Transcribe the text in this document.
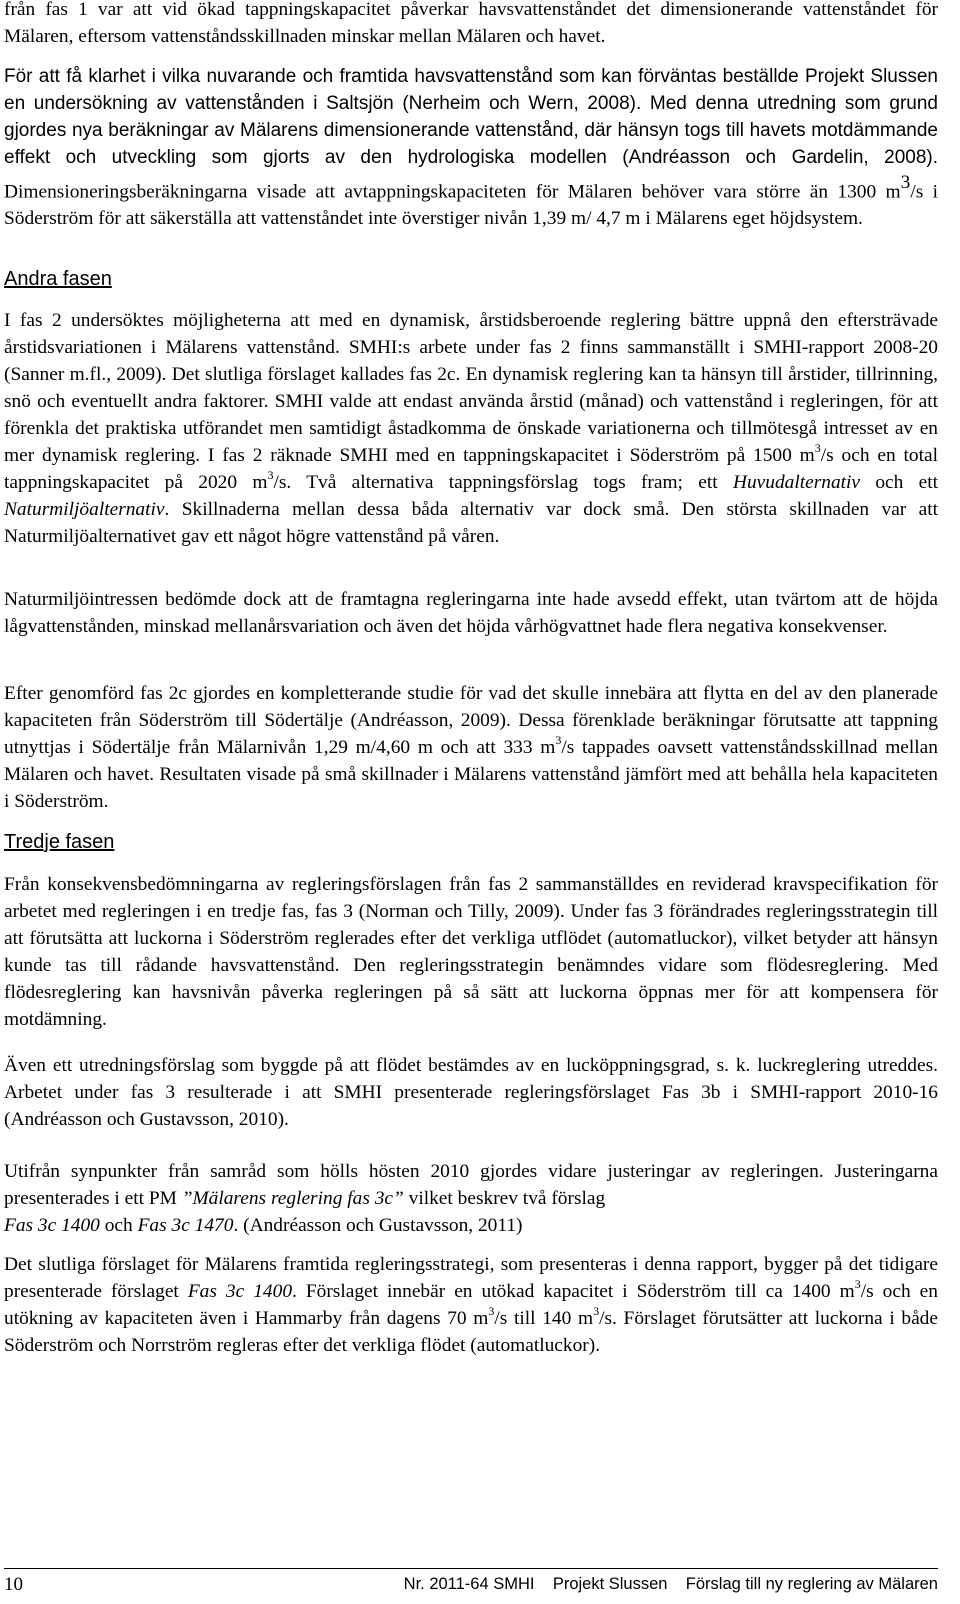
från fas 1 var att vid ökad tappningskapacitet påverkar havsvattenståndet det dimensionerande vattenståndet för Mälaren, eftersom vattenståndsskillnaden minskar mellan Mälaren och havet.

För att få klarhet i vilka nuvarande och framtida havsvattenstånd som kan förväntas beställde Projekt Slussen en undersökning av vattenstånden i Saltsjön (Nerheim och Wern, 2008). Med denna utredning som grund gjordes nya beräkningar av Mälarens dimensionerande vattenstånd, där hänsyn togs till havets motdämmande effekt och utveckling som gjorts av den hydrologiska modellen (Andréasson och Gardelin, 2008). Dimensioneringsberäkningarna visade att avtappningskapaciteten för Mälaren behöver vara större än 1300 $m^3/s$ i Söderström för att säkerställa att vattenståndet inte överstiger nivån 1,39 m/ 4,7 m i Mälarens eget höjdsystem.

Andra fasen

I fas 2 undersöktes möjligheterna att med en dynamisk, årstidsberoende reglering bättre uppnå den eftersträvade årstidsvariationen i Mälarens vattenstånd. SMHI:s arbete under fas 2 finns sammanställt i SMHI-rapport 2008-20 (Sanner m.fl., 2009). Det slutliga förslaget kallades fas 2c. En dynamisk reglering kan ta hänsyn till årstider, tillrinning, snö och eventuellt andra faktorer. SMHI valde att endast använda årstid (månad) och vattenstånd i regleringen, för att förenkla det praktiska utförandet men samtidigt åstadkomma de önskade variationerna och tillmötesgå intresset av en mer dynamisk reglering. I fas 2 räknade SMHI med en tappningskapacitet i Söderström på 1500 $m^3/s$ och en total tappningskapacitet på 2020 $m^3/s$. Två alternativa tappningsförslag togs fram; ett Huvudalternativ och ett Naturmiljöalternativ. Skillnaderna mellan dessa båda alternativ var dock små. Den största skillnaden var att Naturmiljöalternativet gav ett något högre vattenstånd på våren.

Naturmiljöintressen bedömde dock att de framtagna regleringarna inte hade avsedd effekt, utan tvärtom att de höjda lågvattenstånden, minskad mellanårsvariation och även det höjda vårhögvattnet hade flera negativa konsekvenser.

Efter genomförd fas 2c gjordes en kompletterande studie för vad det skulle innebära att flytta en del av den planerade kapaciteten från Söderström till Södertälje (Andréasson, 2009). Dessa förenklade beräkningar förutsatte att tappning utnyttjas i Södertälje från Mälarnivån 1,29 m/4,60 m och att 333 $m^3/s$ tappades oavsett vattenståndsskillnad mellan Mälaren och havet. Resultaten visade på små skillnader i Mälarens vattenstånd jämfört med att behålla hela kapaciteten i Söderström.

Tredje fasen

Från konsekvensbedömningarna av regleringsförslagen från fas 2 sammanställdes en reviderad kravspecifikation för arbetet med regleringen i en tredje fas, fas 3 (Norman och Tilly, 2009). Under fas 3 förändrades regleringsstrategin till att förutsätta att luckorna i Söderström reglerades efter det verkliga utflödet (automatluckor), vilket betyder att hänsyn kunde tas till rådande havsvattenstånd. Den regleringsstrategin benämndes vidare som flödesreglering. Med flödesreglering kan havsnivån påverka regleringen på så sätt att luckorna öppnas mer för att kompensera för motdämning.

Även ett utredningsförslag som byggde på att flödet bestämdes av en lucköppningsgrad, s. k. luckreglering utreddes. Arbetet under fas 3 resulterade i att SMHI presenterade regleringsförslaget Fas 3b i SMHI-rapport 2010-16 (Andréasson och Gustavsson, 2010).

Utifrån synpunkter från samråd som hölls hösten 2010 gjordes vidare justeringar av regleringen. Justeringarna presenterades i ett PM ”Mälarens reglering fas 3c” vilket beskrev två förslag
Fas 3c 1400 och Fas 3c 1470. (Andréasson och Gustavsson, 2011)

Det slutliga förslaget för Mälarens framtida regleringsstrategi, som presenteras i denna rapport, bygger på det tidigare presenterade förslaget Fas 3c 1400. Förslaget innebär en utökad kapacitet i Söderström till ca 1400 $m^3/s$ och en utökning av kapaciteten även i Hammarby från dagens 70 $m^3/s$ till 140 $m^3/s$. Förslaget förutsätter att luckorna i både Söderström och Norrström regleras efter det verkliga flödet (automatluckor).

10	Nr. 2011-64 SMHI    Projekt Slussen    Förslag till ny reglering av Mälaren
